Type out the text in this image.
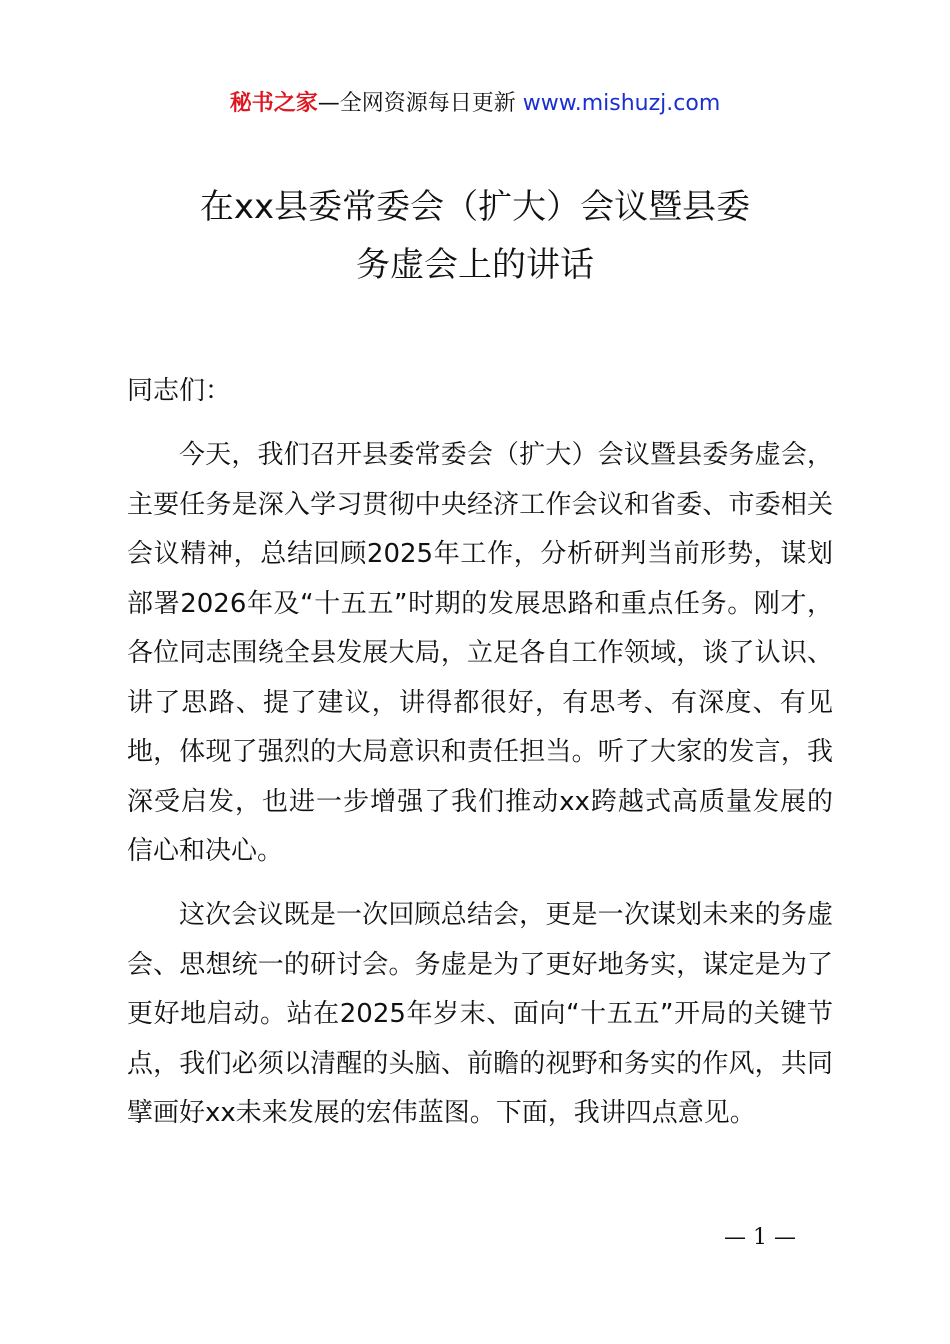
秘书之家—全网资源每日更新 www.mishuzj.com
在xx县委常委会（扩大）会议暨县委
务虚会上的讲话

同志们：

今天，我们召开县委常委会（扩大）会议暨县委务虚会，主要任务是深入学习贯彻中央经济工作会议和省委、市委相关会议精神，总结回顾2025年工作，分析研判当前形势，谋划部署2026年及“十五五”时期的发展思路和重点任务。刚才，各位同志围绕全县发展大局，立足各自工作领域，谈了认识、讲了思路、提了建议，讲得都很好，有思考、有深度、有见地，体现了强烈的大局意识和责任担当。听了大家的发言，我深受启发，也进一步增强了我们推动xx跨越式高质量发展的信心和决心。

这次会议既是一次回顾总结会，更是一次谋划未来的务虚会、思想统一的研讨会。务虚是为了更好地务实，谋定是为了更好地启动。站在2025年岁末、面向“十五五”开局的关键节点，我们必须以清醒的头脑、前瞻的视野和务实的作风，共同擘画好xx未来发展的宏伟蓝图。下面，我讲四点意见。

— 1 —
